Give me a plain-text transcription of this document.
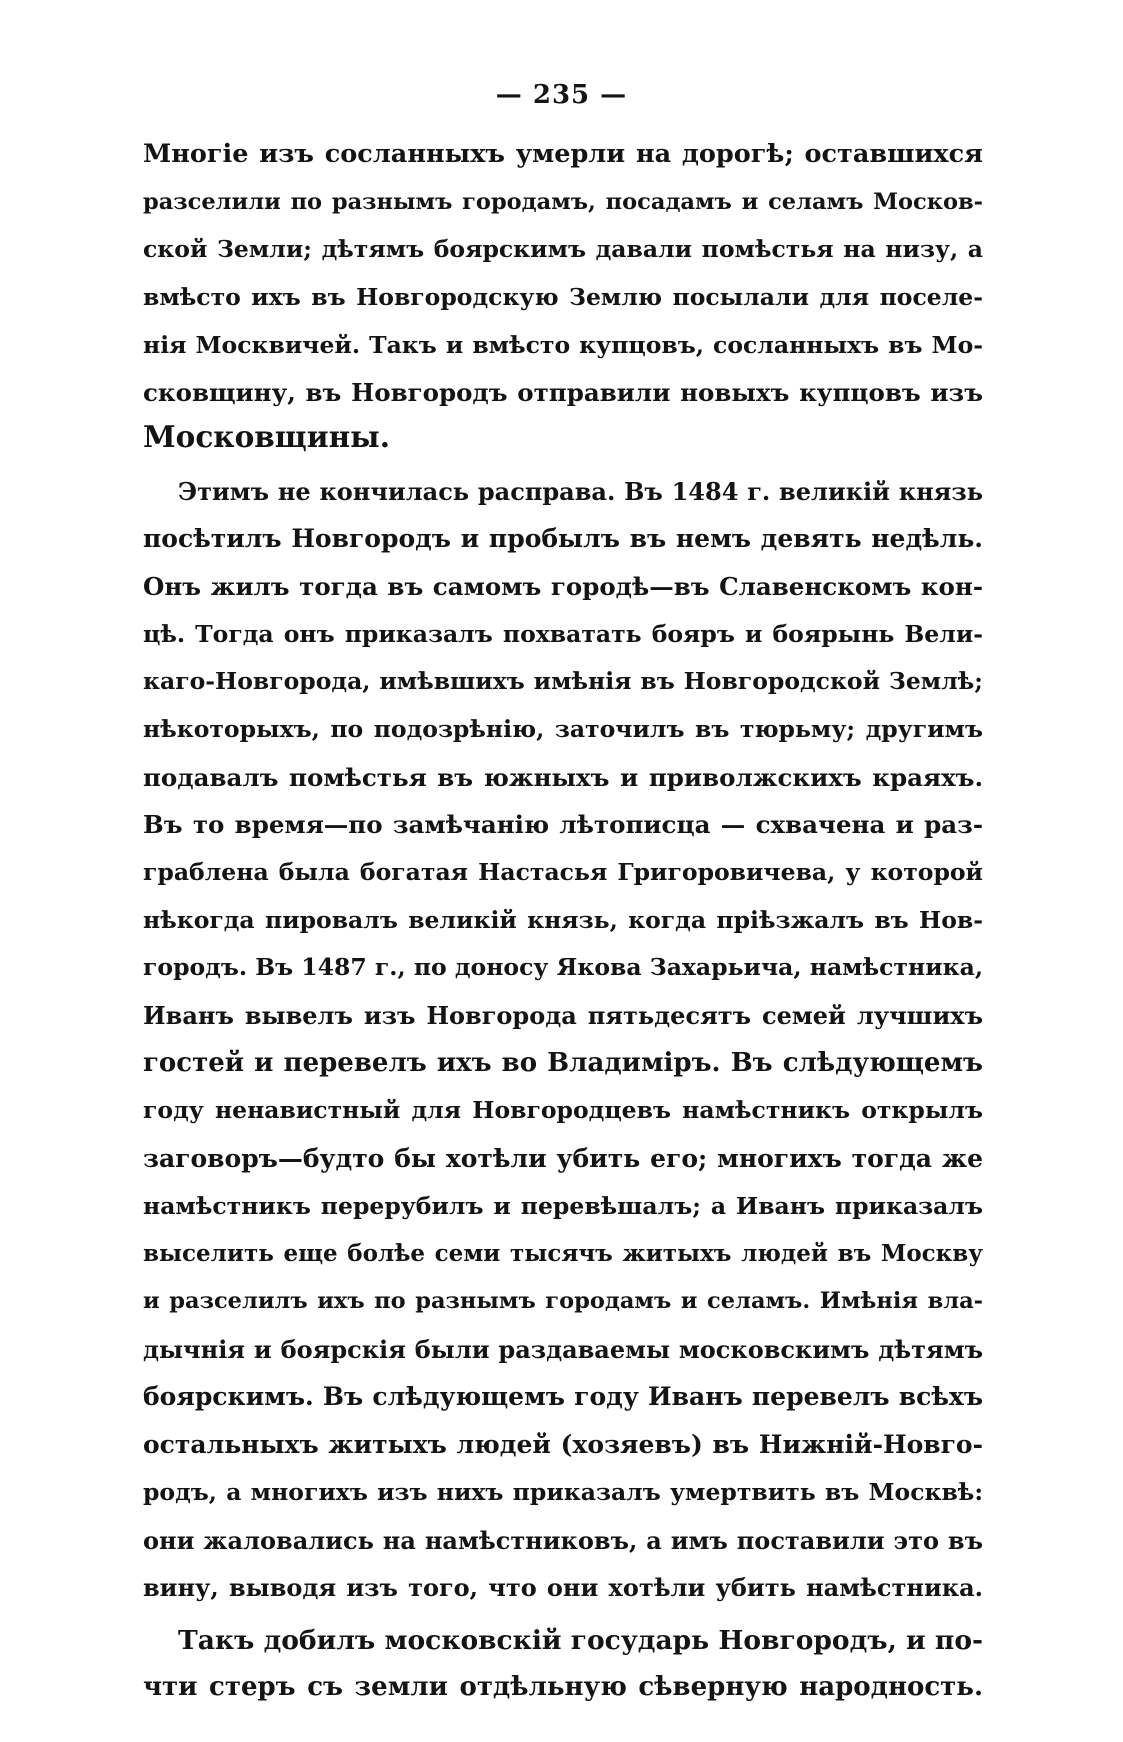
— 235 —
Многіе изъ сосланныхъ умерли на дорогѣ; оставшихся
разселили по разнымъ городамъ, посадамъ и селамъ Москов-
ской Земли; дѣтямъ боярскимъ давали помѣстья на низу, а
вмѣсто ихъ въ Новгородскую Землю посылали для поселе-
нія Москвичей. Такъ и вмѣсто купцовъ, сосланныхъ въ Мо-
сковщину, въ Новгородъ отправили новыхъ купцовъ изъ
Московщины.
Этимъ не кончилась расправа. Въ 1484 г. великій князь
посѣтилъ Новгородъ и пробылъ въ немъ девять недѣль.
Онъ жилъ тогда въ самомъ городѣ—въ Славенскомъ кон-
цѣ. Тогда онъ приказалъ похватать бояръ и боярынь Вели-
каго-Новгорода, имѣвшихъ имѣнія въ Новгородской Землѣ;
нѣкоторыхъ, по подозрѣнію, заточилъ въ тюрьму; другимъ
подавалъ помѣстья въ южныхъ и приволжскихъ краяхъ.
Въ то время—по замѣчанію лѣтописца — схвачена и раз-
граблена была богатая Настасья Григоровичева, у которой
нѣкогда пировалъ великій князь, когда пріѣзжалъ въ Нов-
городъ. Въ 1487 г., по доносу Якова Захарьича, намѣстника,
Иванъ вывелъ изъ Новгорода пятьдесятъ семей лучшихъ
гостей и перевелъ ихъ во Владиміръ. Въ слѣдующемъ
году ненавистный для Новгородцевъ намѣстникъ открылъ
заговоръ—будто бы хотѣли убить его; многихъ тогда же
намѣстникъ перерубилъ и перевѣшалъ; а Иванъ приказалъ
выселить еще болѣе семи тысячъ житыхъ людей въ Москву
и разселилъ ихъ по разнымъ городамъ и селамъ. Имѣнія вла-
дычнія и боярскія были раздаваемы московскимъ дѣтямъ
боярскимъ. Въ слѣдующемъ году Иванъ перевелъ всѣхъ
остальныхъ житыхъ людей (хозяевъ) въ Нижній-Новго-
родъ, а многихъ изъ нихъ приказалъ умертвить въ Москвѣ:
они жаловались на намѣстниковъ, а имъ поставили это въ
вину, выводя изъ того, что они хотѣли убить намѣстника.
Такъ добилъ московскій государь Новгородъ, и по-
чти стеръ съ земли отдѣльную сѣверную народность.
